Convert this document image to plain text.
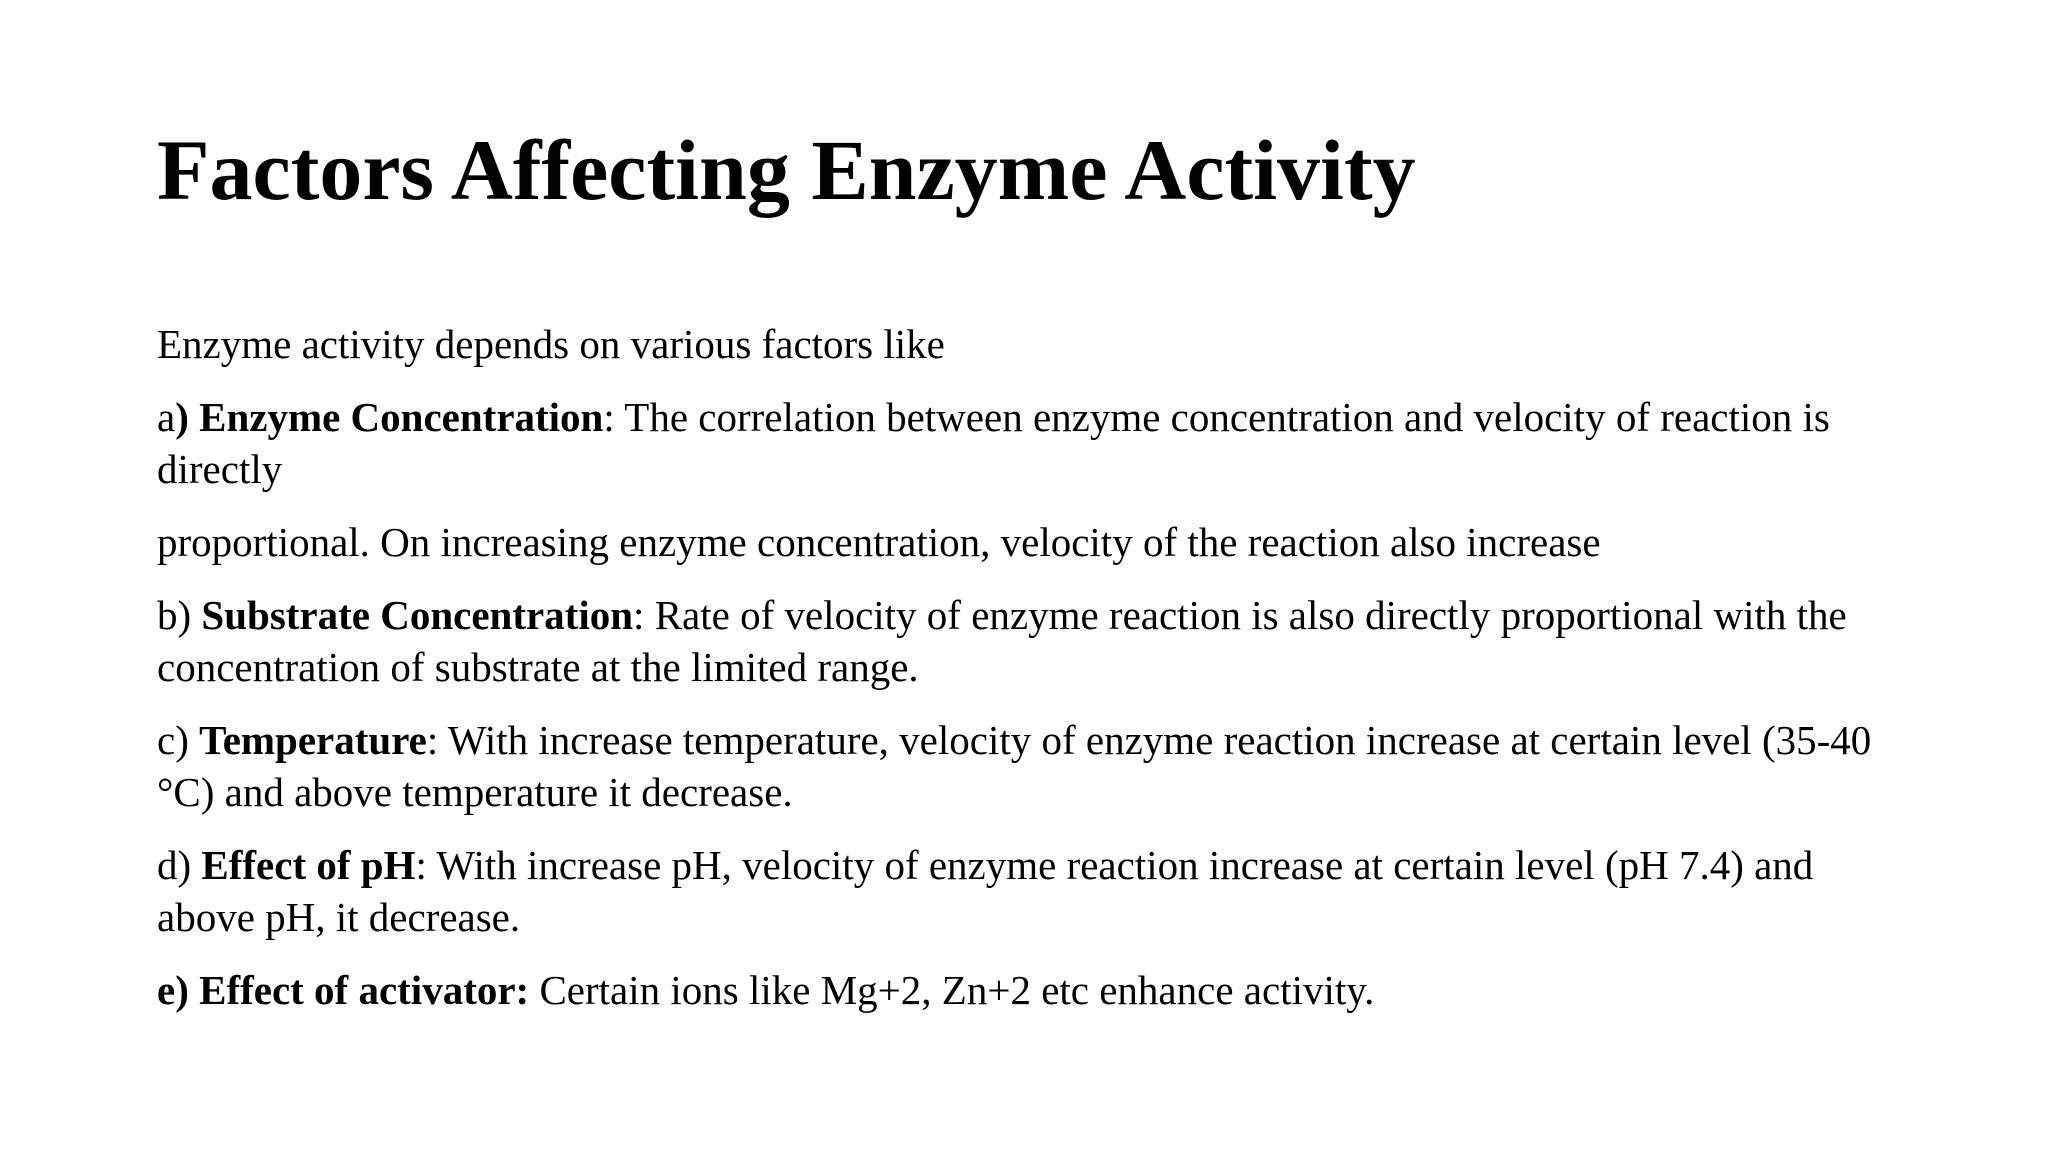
Factors Affecting Enzyme Activity

Enzyme activity depends on various factors like

a) Enzyme Concentration: The correlation between enzyme concentration and velocity of reaction is directly

proportional. On increasing enzyme concentration, velocity of the reaction also increase

b) Substrate Concentration: Rate of velocity of enzyme reaction is also directly proportional with the concentration of substrate at the limited range.

c) Temperature: With increase temperature, velocity of enzyme reaction increase at certain level (35-40 °C) and above temperature it decrease.

d) Effect of pH: With increase pH, velocity of enzyme reaction increase at certain level (pH 7.4) and above pH, it decrease.

e) Effect of activator: Certain ions like Mg+2, Zn+2 etc enhance activity.
